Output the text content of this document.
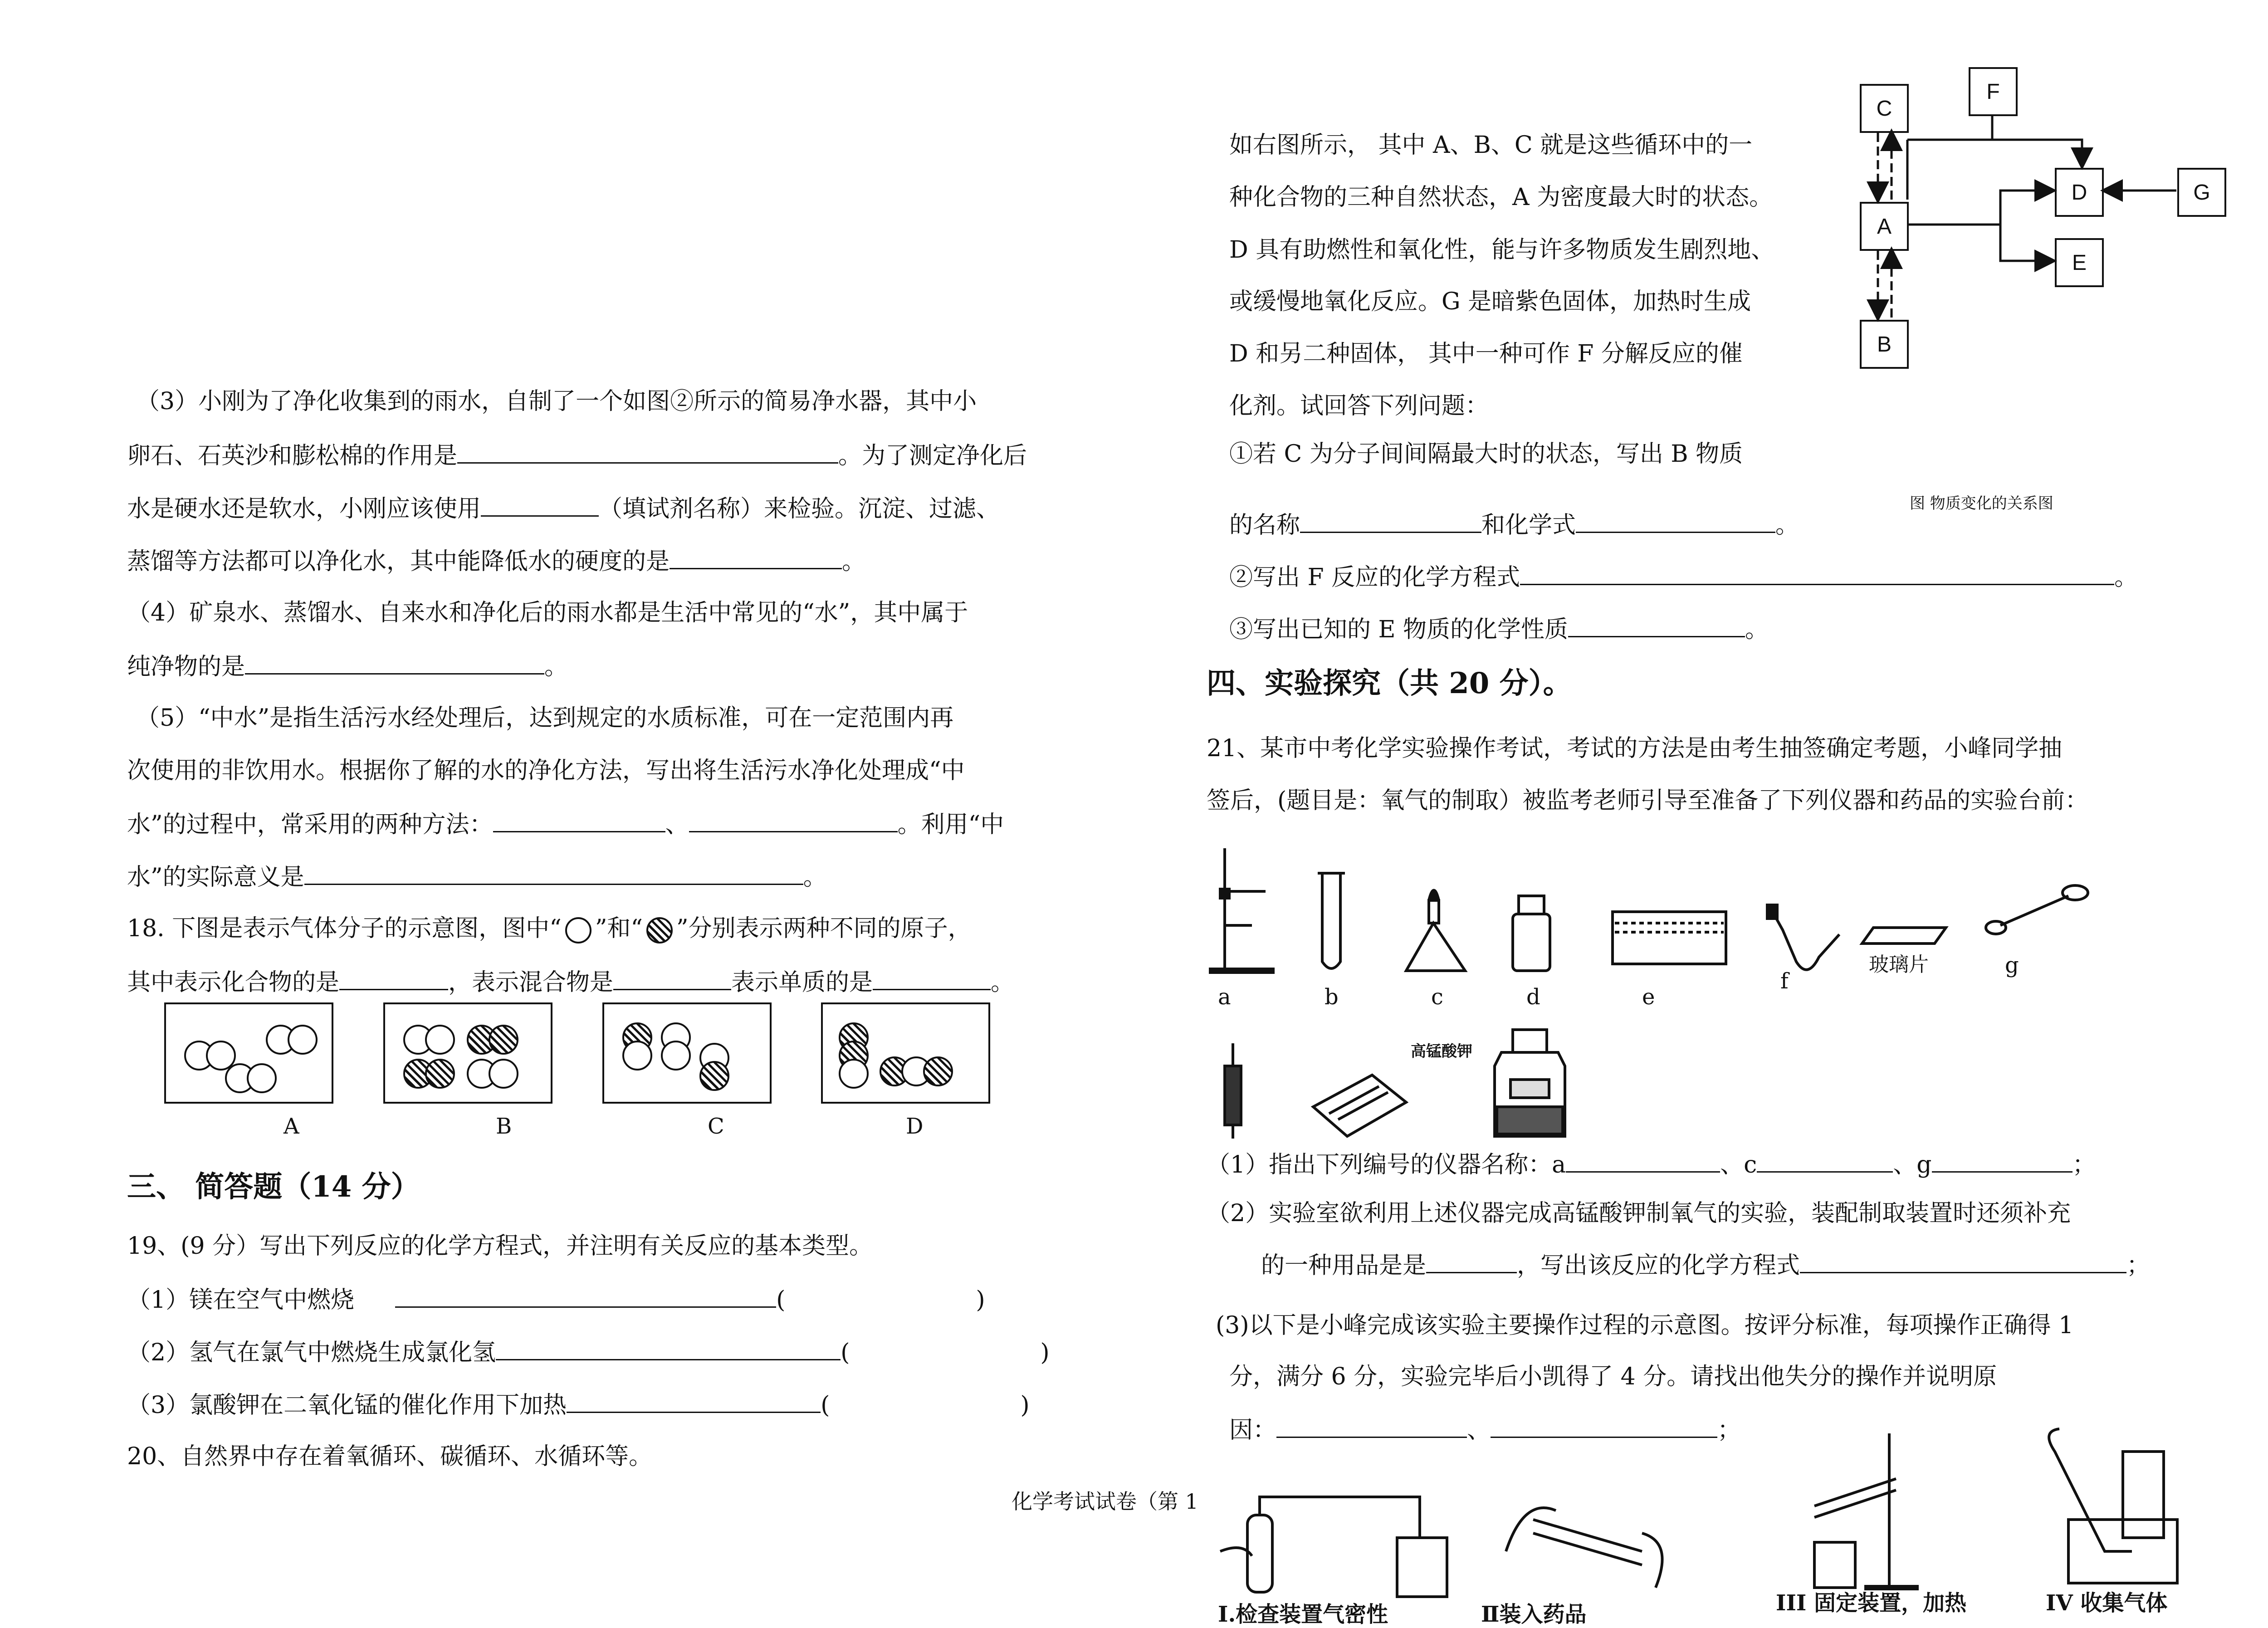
（3）小刚为了净化收集到的雨水，自制了一个如图②所示的简易净水器，其中小
卵石、石英沙和膨松棉的作用是	。为了测定净化后
水是硬水还是软水，小刚应该使用	（填试剂名称）来检验。沉淀、过滤、
蒸馏等方法都可以净化水，其中能降低水的硬度的是	。
（4）矿泉水、蒸馏水、自来水和净化后的雨水都是生活中常见的“水”，其中属于
纯净物的是	。
（5）“中水”是指生活污水经处理后，达到规定的水质标准，可在一定范围内再
次使用的非饮用水。根据你了解的水的净化方法，写出将生活污水净化处理成“中
水”的过程中，常采用的两种方法：	、	。利用“中
水”的实际意义是	。
18. 下图是表示气体分子的示意图，图中“ ”和“ ”分别表示两种不同的原子，
其中表示化合物的是	，表示混合物是	表示单质的是	。
A	B	C	D
三、 简答题（14 分）
19、(9 分）写出下列反应的化学方程式，并注明有关反应的基本类型。
（1）镁在空气中燃烧	(	)
（2）氢气在氯气中燃烧生成氯化氢	(	)
（3）氯酸钾在二氧化锰的催化作用下加热	(	)
20、自然界中存在着氧循环、碳循环、水循环等。
如右图所示， 其中 A、B、C 就是这些循环中的一
种化合物的三种自然状态，A 为密度最大时的状态。
D 具有助燃性和氧化性，能与许多物质发生剧烈地、
或缓慢地氧化反应。G 是暗紫色固体，加热时生成
D 和另二种固体， 其中一种可作 F 分解反应的催
化剂。试回答下列问题：
①若 C 为分子间间隔最大时的状态，写出 B 物质
的名称	和化学式	。
②写出 F 反应的化学方程式	。
③写出已知的 E 物质的化学性质	。
C
F
D	G
A
E
B
图 物质变化的关系图
四、实验探究（共 20 分）。
21、某市中考化学实验操作考试，考试的方法是由考生抽签确定考题，小峰同学抽
签后，(题目是：氧气的制取）被监考老师引导至准备了下列仪器和药品的实验台前：
a	b	c	d	e
f
玻璃片	g
高锰酸钾
（1）指出下列编号的仪器名称：a	、c	、g	；
（2）实验室欲利用上述仪器完成高锰酸钾制氧气的实验，装配制取装置时还须补充
的一种用品是是	，写出该反应的化学方程式	；
(3)以下是小峰完成该实验主要操作过程的示意图。按评分标准，每项操作正确得 1
分，满分 6 分，实验完毕后小凯得了 4 分。请找出他失分的操作并说明原
因：	、	；
Ⅰ.检查装置气密性	Ⅱ装入药品	III 固定装置，加热	IV 收集气体
化学考试试卷（第 1
